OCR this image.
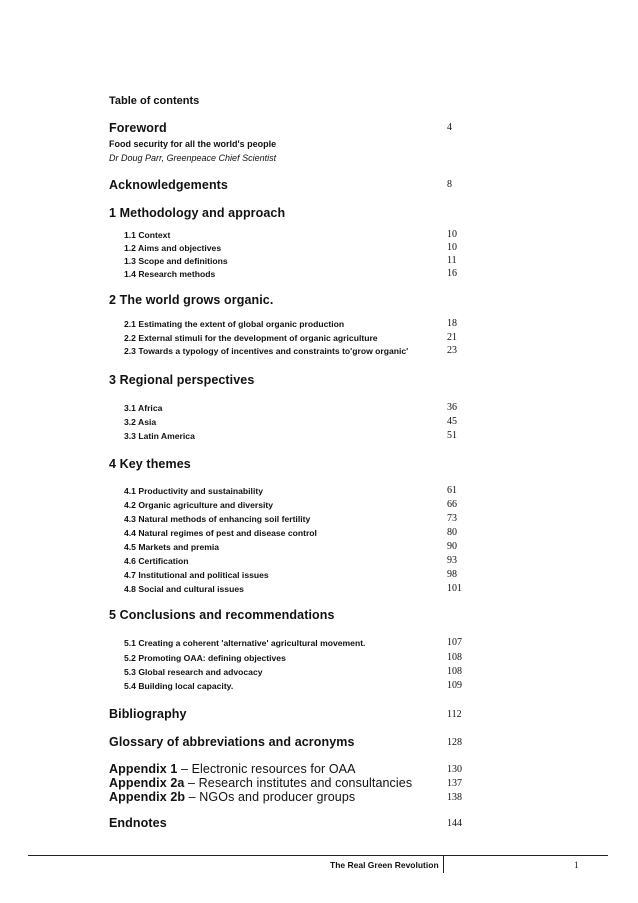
Table of contents
Foreword	4
Food security for all the world's people
Dr Doug Parr, Greenpeace Chief Scientist
Acknowledgements	8
1 Methodology and approach
1.1 Context	10
1.2 Aims and objectives	10
1.3 Scope and definitions	11
1.4 Research methods	16
2 The world grows organic.
2.1 Estimating the extent of global organic production	18
2.2 External stimuli for the development of organic agriculture	21
2.3 Towards a typology of incentives and constraints to'grow organic'	23
3 Regional perspectives
3.1 Africa	36
3.2 Asia	45
3.3 Latin America	51
4 Key themes
4.1 Productivity and sustainability	61
4.2 Organic agriculture and diversity	66
4.3 Natural methods of enhancing soil fertility	73
4.4 Natural regimes of pest and disease control	80
4.5 Markets and premia	90
4.6 Certification	93
4.7 Institutional and political issues	98
4.8 Social and cultural issues	101
5 Conclusions and recommendations
5.1 Creating a coherent 'alternative' agricultural movement.	107
5.2 Promoting OAA: defining objectives	108
5.3 Global research and advocacy	108
5.4 Building local capacity.	109
Bibliography	112
Glossary of abbreviations and acronyms	128
Appendix 1 – Electronic resources for OAA	130
Appendix 2a – Research institutes and consultancies	137
Appendix 2b – NGOs and producer groups	138
Endnotes	144
The Real Green Revolution	1
